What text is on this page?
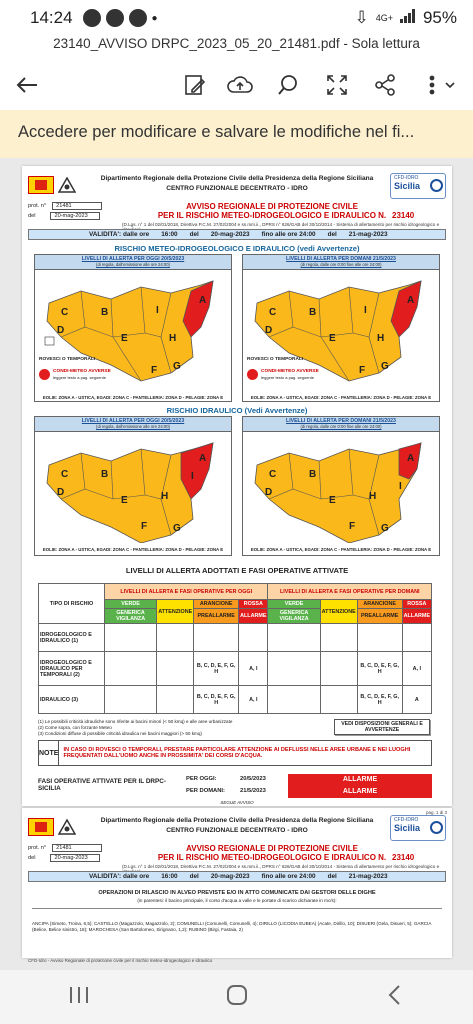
14:24	●	⇩ 4G+ 95%
23140_AVVISO DRPC_2023_05_20_21481.pdf - Sola lettura
Accedere per modificare e salvare le modifiche nel fi...
Dipartimento Regionale della Protezione Civile della Presidenza della Regione Siciliana
CENTRO FUNZIONALE DECENTRATO - IDRO
CFD-IDRO
Sicilia
prot. n° 21481
del	20-mag-2023
AVVISO REGIONALE DI PROTEZIONE CIVILE
PER IL RISCHIO METEO-IDROGEOLOGICO E IDRAULICO N. 23140
(D.Lgs. n° 1 del 02/01/2018, Direttiva P.C.M. 27/02/2004 e ss.mm.ii., DPRS n° 626/GAB del 30/10/2014 - Sistema di allertamento per rischio idrogeologico e
VALIDITA': dalle ore 16:00 del 20-mag-2023 fino alle ore 24:00 del 21-mag-2023
RISCHIO METEO-IDROGEOLOGICO E IDRAULICO (vedi Avvertenze)
LIVELLI DI ALLERTA PER OGGI 20/5/2023
(di regola, dall'emissione alle ore 24:00)
C
D
B
E
I
H
A
G
F
ROVESCI O TEMPORALI
CONDI-METEO AVVERSE
leggere testo a pag. seguente
EOLIE: ZONA A - USTICA, EGADI: ZONA C - PANTELLERIA: ZONA D - PELAGIE: ZONA E
LIVELLI DI ALLERTA PER DOMANI 21/5/2023
(di regola, dalle ore 0:00 fine alle ore 24:00)
C
D
B
E
I
H
A
G
F
ROVESCI O TEMPORALI
CONDI-METEO AVVERSE
leggere testo a pag. seguente
EOLIE: ZONA A - USTICA, EGADI: ZONA C - PANTELLERIA: ZONA D - PELAGIE: ZONA E
RISCHIO IDRAULICO (Vedi Avvertenze)
LIVELLI DI ALLERTA PER OGGI 20/5/2023
(di regola, dall'emissione alle ore 24:00)
C
D
B
E
I
H
A
G
F
EOLIE: ZONA A - USTICA, EGADI: ZONA C - PANTELLERIA: ZONA D - PELAGIE: ZONA E
LIVELLI DI ALLERTA PER DOMANI 21/5/2023
(di regola, dalle ore 0:00 fine alle ore 24:00)
C
D
B
E
I
H
A
G
F
EOLIE: ZONA A - USTICA, EGADI: ZONA C - PANTELLERIA: ZONA D - PELAGIE: ZONA E
LIVELLI DI ALLERTA ADOTTATI E FASI OPERATIVE ATTIVATE
TIPO DI RISCHIO	LIVELLI DI ALLERTA E FASI OPERATIVE PER OGGI				LIVELLI DI ALLERTA E FASI OPERATIVE PER DOMANI			
	VERDE	ATTENZIONE	ARANCIONE	ROSSA	VERDE	ATTENZIONE	ARANCIONE	ROSSA
	GENERICA VIGILANZA		PREALLARME	ALLARME	GENERICA VIGILANZA		PREALLARME	ALLARME
IDROGEOLOGICO E IDRAULICO (1)								
IDROGEOLOGICO E IDRAULICO PER TEMPORALI (2)			B, C, D, E, F, G, H	A, I			B, C, D, E, F, G, H	A, I
IDRAULICO (3)			B, C, D, E, F, G, H	A, I			B, C, D, E, F, G, H	A
(1) Le possibili criticità idrauliche sono riferite ai bacini minori (< 50 kmq) e alle aree urbanizzate
(2) Come sopra, con forzante Meteo
(3) Condizioni diffuse di possibile criticità idraulica nei bacini maggiori (> 50 kmq)
VEDI DISPOSIZIONI GENERALI E AVVERTENZE
NOTE IN CASO DI ROVESCI O TEMPORALI, PRESTARE PARTICOLARE ATTENZIONE AI DEFLUSSI NELLE AREE URBANE E NEI LUOGHI FREQUENTATI DALL'UOMO ANCHE IN PROSSIMITA' DEI CORSI D'ACQUA.
FASI OPERATIVE ATTIVATE PER IL DRPC-SICILIA
PER OGGI:	20/5/2023
PER DOMANI:	21/5/2023
ALLARME
ALLARME
SEGUE AVVISO
CFD-Idro - Avviso Regionale di protezione civile per il rischio meteo-idrogeologico e idraulico
Dipartimento Regionale della Protezione Civile della Presidenza della Regione Siciliana
CENTRO FUNZIONALE DECENTRATO - IDRO
CFD-IDRO
Sicilia
prot. n° 21481
del	20-mag-2023
AVVISO REGIONALE DI PROTEZIONE CIVILE
PER IL RISCHIO METEO-IDROGEOLOGICO E IDRAULICO N. 23140
(D.Lgs. n° 1 del 02/01/2018, Direttiva P.C.M. 27/02/2004 e ss.mm.ii., DPRS n° 626/GAB del 30/10/2014 - Sistema di allertamento per rischio idrogeologico e
VALIDITA': dalle ore 16:00 del 20-mag-2023 fino alle ore 24:00 del 21-mag-2023
OPERAZIONI DI RILASCIO IN ALVEO PREVISTE E/O IN ATTO COMUNICATE DAI GESTORI DELLE DIGHE
(in parentesi: il bacino principale, il corso d'acqua a valle e le portate di scarico dichiarate in mc/s):
ANCIPA (Simeto, Troina, 6,5); CASTELLO (Magazzolo, Magazzolo, 2); COMUNELLI (Comunelli, Comunelli, 4); DIRILLO (LICODIA EUBEA) (Acate, Dirillo, 10); DISUERI (Gela, Disueri, 5); GARCIA (Belice, Belice sinistro, 18); MAROCHESA (San Bartolomeo, Sirignano, 1,2); RUBINO (Birgi, Fastaia, 2)
pag. 1 di 3
